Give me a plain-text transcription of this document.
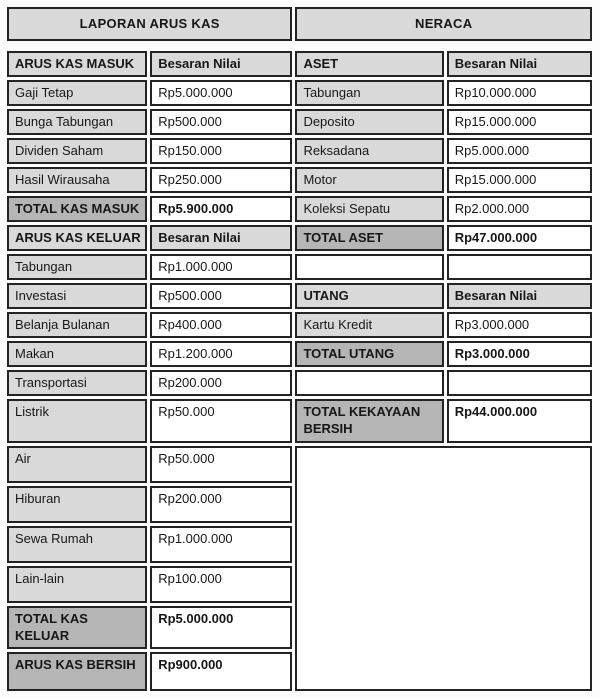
LAPORAN ARUS KAS		NERACA	

ARUS KAS MASUK	Besaran Nilai	ASET	Besaran Nilai
Gaji Tetap	Rp5.000.000	Tabungan	Rp10.000.000
Bunga Tabungan	Rp500.000	Deposito	Rp15.000.000
Dividen Saham	Rp150.000	Reksadana	Rp5.000.000
Hasil Wirausaha	Rp250.000	Motor	Rp15.000.000
TOTAL KAS MASUK	Rp5.900.000	Koleksi Sepatu	Rp2.000.000
ARUS KAS KELUAR	Besaran Nilai	TOTAL ASET	Rp47.000.000
Tabungan	Rp1.000.000		
Investasi	Rp500.000	UTANG	Besaran Nilai
Belanja Bulanan	Rp400.000	Kartu Kredit	Rp3.000.000
Makan	Rp1.200.000	TOTAL UTANG	Rp3.000.000
Transportasi	Rp200.000		
Listrik	Rp50.000	TOTAL KEKAYAAN BERSIH	Rp44.000.000
Air	Rp50.000		
Hiburan	Rp200.000		
Sewa Rumah	Rp1.000.000		
Lain-lain	Rp100.000		
TOTAL KAS KELUAR	Rp5.000.000		
ARUS KAS BERSIH	Rp900.000		
